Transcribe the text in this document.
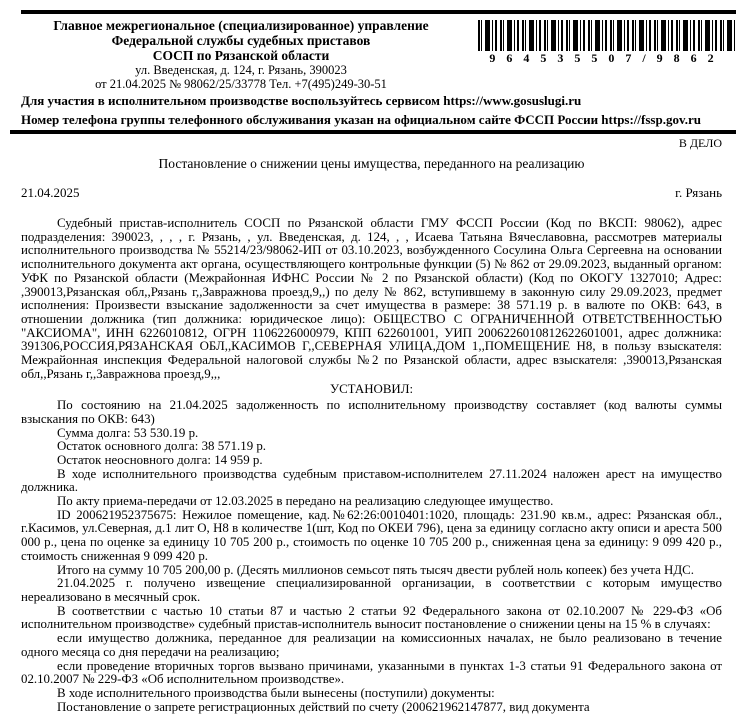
Главное межрегиональное (специализированное) управление Федеральной службы судебных приставов
СОСП по Рязанской области
ул. Введенская, д. 124, г. Рязань, 390023
от 21.04.2025 № 98062/25/33778 Тел. +7(495)249-30-51
964535507/9862
Для участия в исполнительном производстве воспользуйтесь сервисом https://www.gosuslugi.ru
Номер телефона группы телефонного обслуживания указан на официальном сайте ФССП России https://fssp.gov.ru
В ДЕЛО
Постановление о снижении цены имущества, переданного на реализацию
21.04.2025	г. Рязань

Судебный пристав-исполнитель СОСП по Рязанской области ГМУ ФССП России (Код по ВКСП: 98062), адрес подразделения: 390023, , , , г. Рязань, , ул. Введенская, д. 124, , , Исаева Татьяна Вячеславовна, рассмотрев материалы исполнительного производства № 55214/23/98062-ИП от 03.10.2023, возбужденного Сосулина Ольга Сергеевна на основании исполнительного документа акт органа, осуществляющего контрольные функции (5) № 862 от 29.09.2023, выданный органом: УФК по Рязанской области (Межрайонная ИФНС России № 2 по Рязанской области) (Код по ОКОГУ 1327010; Адрес: ,390013,Рязанская обл,,Рязань г,,Завражнова проезд,9,,) по делу № 862, вступившему в законную силу 29.09.2023, предмет исполнения: Произвести взыскание задолженности за счет имущества в размере: 38 571.19 р. в валюте по ОКВ: 643, в отношении должника (тип должника: юридическое лицо): ОБЩЕСТВО С ОГРАНИЧЕННОЙ ОТВЕТСТВЕННОСТЬЮ "АКСИОМА", ИНН 6226010812, ОГРН 1106226000979, КПП 622601001, УИП 2006226010812622601001, адрес должника: 391306,РОССИЯ,РЯЗАНСКАЯ ОБЛ,,КАСИМОВ Г,,СЕВЕРНАЯ УЛИЦА,ДОМ 1,,ПОМЕЩЕНИЕ Н8, в пользу взыскателя: Межрайонная инспекция Федеральной налоговой службы №2 по Рязанской области, адрес взыскателя: ,390013,Рязанская обл,,Рязань г,,Завражнова проезд,9,,,

УСТАНОВИЛ:

По состоянию на 21.04.2025 задолженность по исполнительному производству составляет (код валюты суммы взыскания по ОКВ: 643)

Сумма долга: 53 530.19 р.

Остаток основного долга: 38 571.19 р.

Остаток неосновного долга: 14 959 р.

В ходе исполнительного производства судебным приставом-исполнителем 27.11.2024 наложен арест на имущество должника.

По акту приема-передачи от 12.03.2025 в передано на реализацию следующее имущество.

ID 200621952375675: Нежилое помещение, кад.№62:26:0010401:1020, площадь: 231.90 кв.м., адрес: Рязанская обл., г.Касимов, ул.Северная, д.1 лит О, Н8 в количестве 1(шт, Код по ОКЕИ 796), цена за единицу согласно акту описи и ареста 500 000 р., цена по оценке за единицу 10 705 200 р., стоимость по оценке 10 705 200 р., сниженная цена за единицу: 9 099 420 р., стоимость сниженная 9 099 420 р.

Итого на сумму 10 705 200,00 р. (Десять миллионов семьсот пять тысяч двести рублей ноль копеек) без учета НДС.

21.04.2025 г. получено извещение специализированной организации, в соответствии с которым имущество нереализовано в месячный срок.

В соответствии с частью 10 статьи 87 и частью 2 статьи 92 Федерального закона от 02.10.2007 № 229-ФЗ «Об исполнительном производстве» судебный пристав-исполнитель выносит постановление о снижении цены на 15 % в случаях:

если имущество должника, переданное для реализации на комиссионных началах, не было реализовано в течение одного месяца со дня передачи на реализацию;

если проведение вторичных торгов вызвано причинами, указанными в пунктах 1-3 статьи 91 Федерального закона от 02.10.2007 № 229-ФЗ «Об исполнительном производстве».

В ходе исполнительного производства были вынесены (поступили) документы:

Постановление о запрете регистрационных действий по счету (200621962147877, вид документа
